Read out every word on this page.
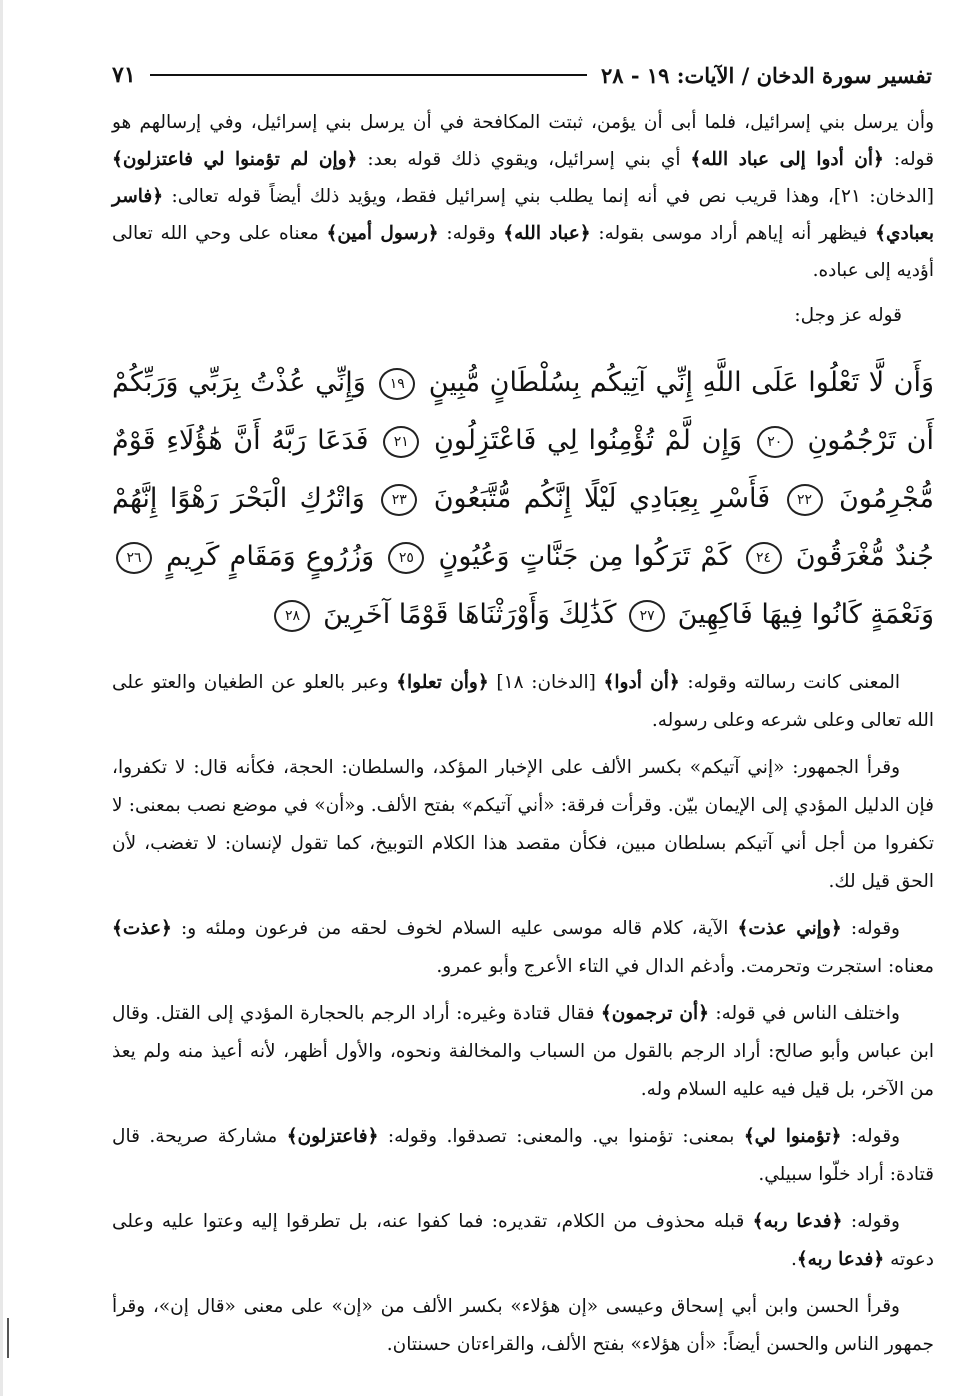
تفسير سورة الدخان / الآيات: ١٩ - ٢٨
٧١

وأن يرسل بني إسرائيل، فلما أبى أن يؤمن، ثبتت المكافحة في أن يرسل بني إسرائيل، وفي إرسالهم هو قوله: ﴿أن أدوا إلى عباد الله﴾ أي بني إسرائيل، ويقوي ذلك قوله بعد: ﴿وإن لم تؤمنوا لي فاعتزلون﴾ [الدخان: ٢١]، وهذا قريب نص في أنه إنما يطلب بني إسرائيل فقط، ويؤيد ذلك أيضاً قوله تعالى: ﴿فاسر بعبادي﴾ فيظهر أنه إياهم أراد موسى بقوله: ﴿عباد الله﴾ وقوله: ﴿رسول أمين﴾ معناه على وحي الله تعالى أؤديه إلى عباده.

قوله عز وجل:

وَأَن لَّا تَعْلُوا عَلَى اللَّهِ إِنِّي آتِيكُم بِسُلْطَانٍ مُّبِينٍ ١٩ وَإِنِّي عُذْتُ بِرَبِّي وَرَبِّكُمْ أَن تَرْجُمُونِ ٢٠ وَإِن لَّمْ تُؤْمِنُوا لِي فَاعْتَزِلُونِ ٢١ فَدَعَا رَبَّهُ أَنَّ هَٰؤُلَاءِ قَوْمٌ مُّجْرِمُونَ ٢٢ فَأَسْرِ بِعِبَادِي لَيْلًا إِنَّكُم مُّتَّبَعُونَ ٢٣ وَاتْرُكِ الْبَحْرَ رَهْوًا إِنَّهُمْ جُندٌ مُّغْرَقُونَ ٢٤ كَمْ تَرَكُوا مِن جَنَّاتٍ وَعُيُونٍ ٢٥ وَزُرُوعٍ وَمَقَامٍ كَرِيمٍ ٢٦ وَنَعْمَةٍ كَانُوا فِيهَا فَاكِهِينَ ٢٧ كَذَٰلِكَ وَأَوْرَثْنَاهَا قَوْمًا آخَرِينَ ٢٨

المعنى كانت رسالته وقوله: ﴿أن أدوا﴾ [الدخان: ١٨] ﴿وأن تعلوا﴾ وعبر بالعلو عن الطغيان والعتو على الله تعالى وعلى شرعه وعلى رسوله.

وقرأ الجمهور: «إني آتيكم» بكسر الألف على الإخبار المؤكد، والسلطان: الحجة، فكأنه قال: لا تكفروا، فإن الدليل المؤدي إلى الإيمان بيّن. وقرأت فرقة: «أني آتيكم» بفتح الألف. و«أن» في موضع نصب بمعنى: لا تكفروا من أجل أني آتيكم بسلطان مبين، فكأن مقصد هذا الكلام التوبيخ، كما تقول لإنسان: لا تغضب، لأن الحق قيل لك.

وقوله: ﴿وإني عذت﴾ الآية، كلام قاله موسى عليه السلام لخوف لحقه من فرعون وملئه و: ﴿عذت﴾ معناه: استجرت وتحرمت. وأدغم الدال في التاء الأعرج وأبو عمرو.

واختلف الناس في قوله: ﴿أن ترجمون﴾ فقال قتادة وغيره: أراد الرجم بالحجارة المؤدي إلى القتل. وقال ابن عباس وأبو صالح: أراد الرجم بالقول من السباب والمخالفة ونحوه، والأول أظهر، لأنه أعيذ منه ولم يعذ من الآخر، بل قيل فيه عليه السلام وله.

وقوله: ﴿تؤمنوا لي﴾ بمعنى: تؤمنوا بي. والمعنى: تصدقوا. وقوله: ﴿فاعتزلون﴾ مشاركة صريحة. قال قتادة: أراد خلّوا سبيلي.

وقوله: ﴿فدعا ربه﴾ قبله محذوف من الكلام، تقديره: فما كفوا عنه، بل تطرقوا إليه وعتوا عليه وعلى دعوته ﴿فدعا ربه﴾.

وقرأ الحسن وابن أبي إسحاق وعيسى «إن هؤلاء» بكسر الألف من «إن» على معنى «قال إن»، وقرأ جمهور الناس والحسن أيضاً: «أن هؤلاء» بفتح الألف، والقراءتان حسنتان.
